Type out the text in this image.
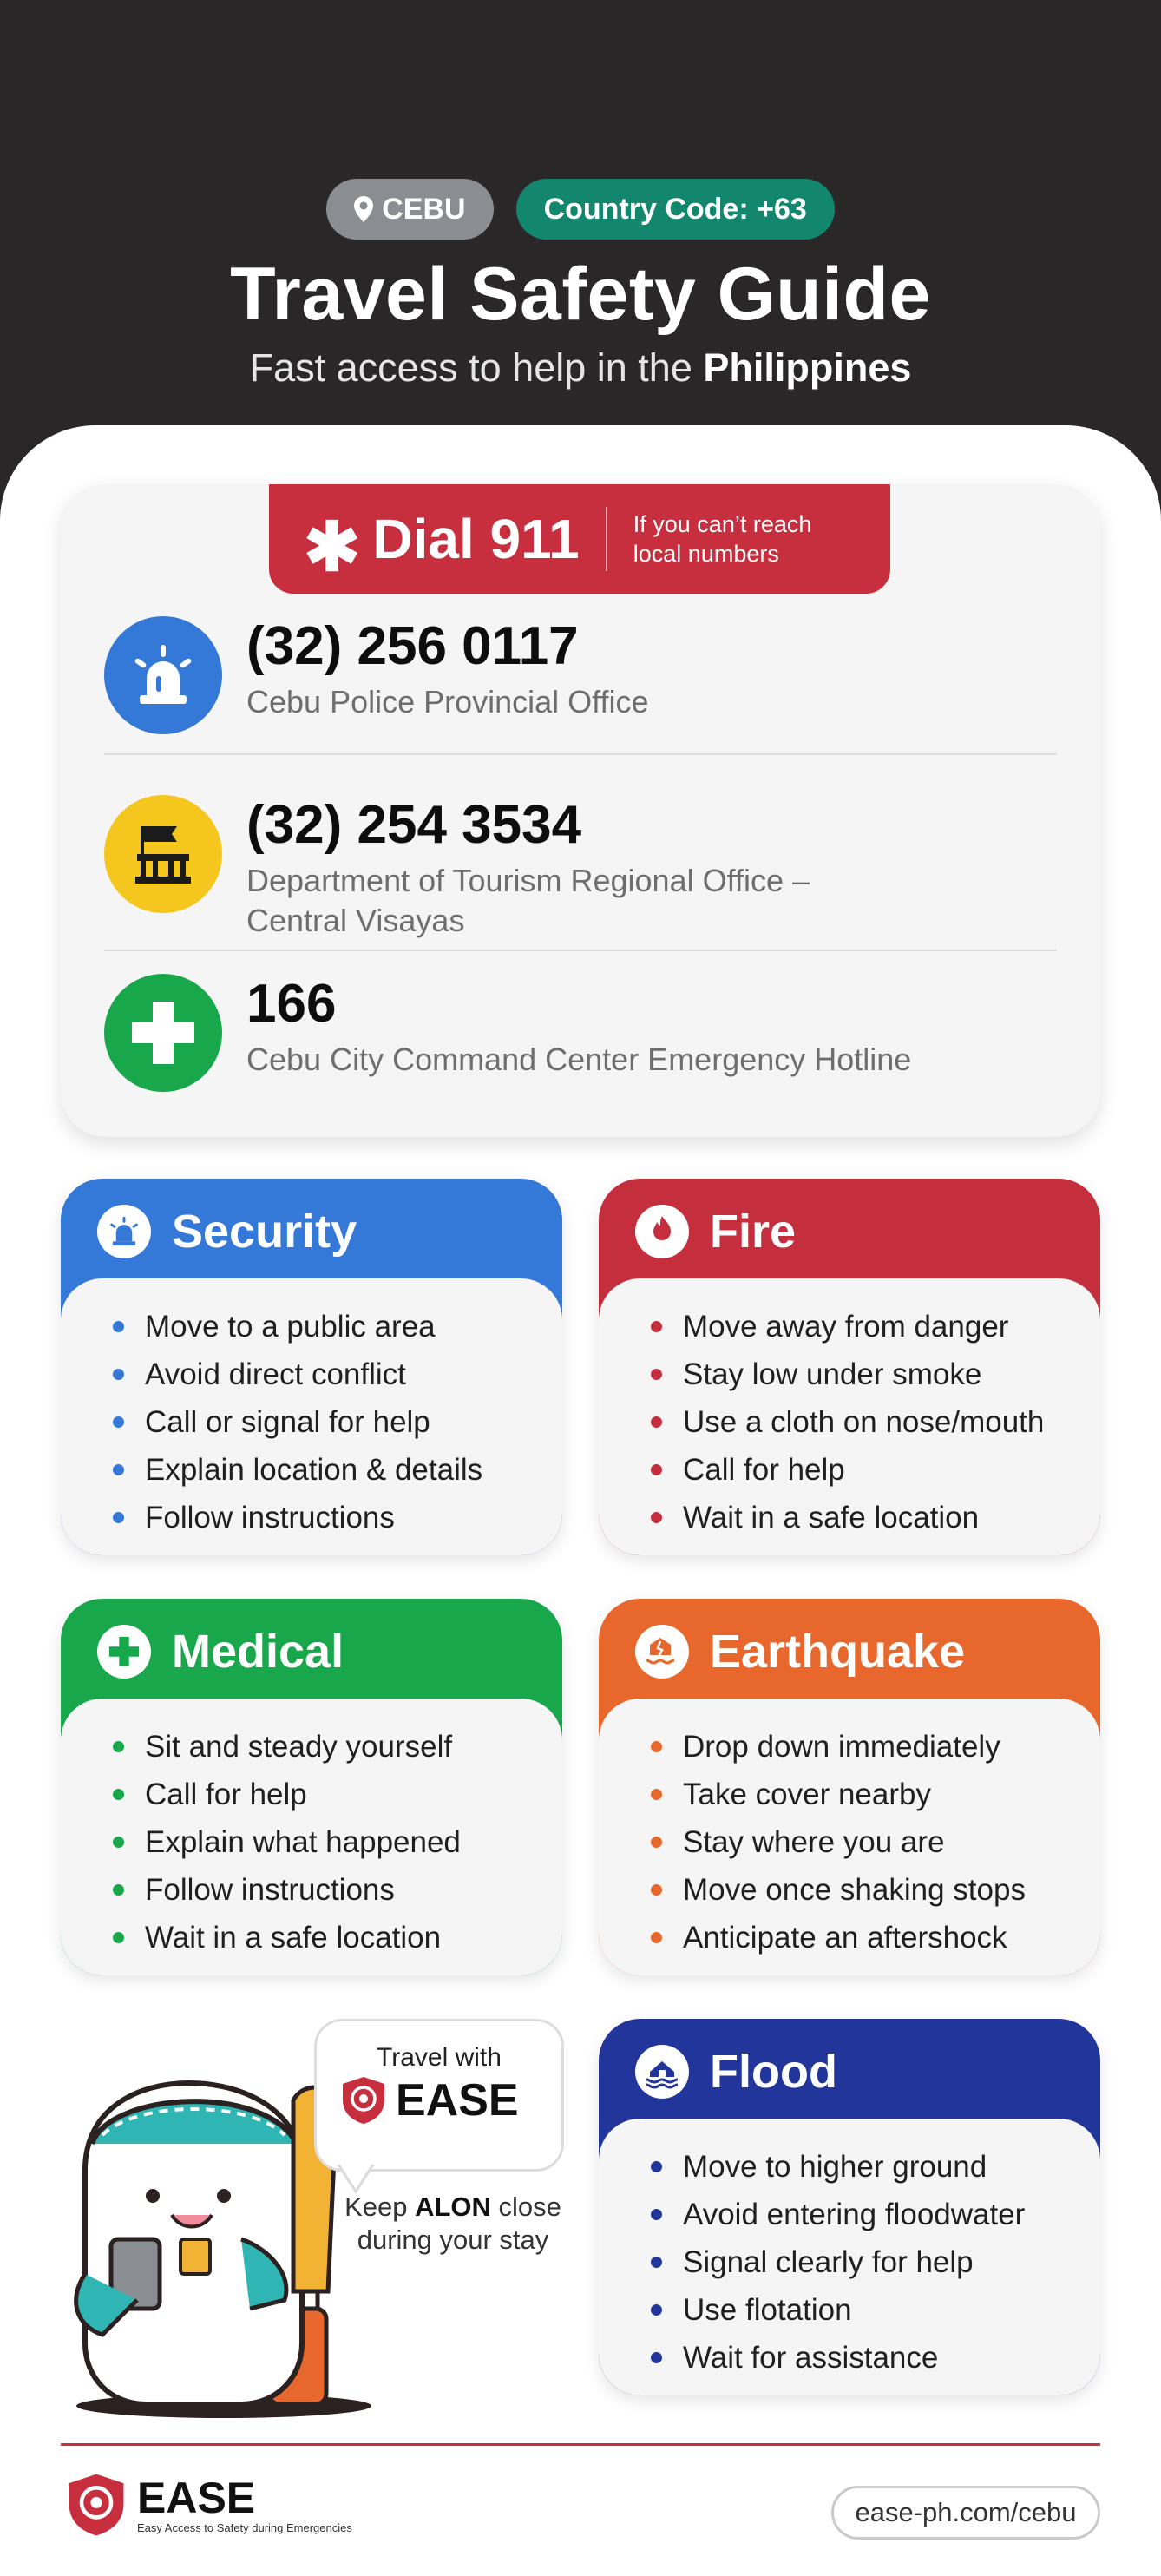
CEBU	Country Code: +63
Travel Safety Guide
Fast access to help in the Philippines
✱ Dial 911 If you can’t reach
local numbers
(32) 256 0117
Cebu Police Provincial Office
(32) 254 3534
Department of Tourism Regional Office –
Central Visayas
166
Cebu City Command Center Emergency Hotline
Security
Move to a public area
Avoid direct conflict
Call or signal for help
Explain location & details
Follow instructions
Fire
Move away from danger
Stay low under smoke
Use a cloth on nose/mouth
Call for help
Wait in a safe location
Medical
Sit and steady yourself
Call for help
Explain what happened
Follow instructions
Wait in a safe location
Earthquake
Drop down immediately
Take cover nearby
Stay where you are
Move once shaking stops
Anticipate an aftershock
Flood
Move to higher ground
Avoid entering floodwater
Signal clearly for help
Use flotation
Wait for assistance
Travel with
EASE
Keep ALON close
during your stay
EASE
Easy Access to Safety during Emergencies	ease-ph.com/cebu
